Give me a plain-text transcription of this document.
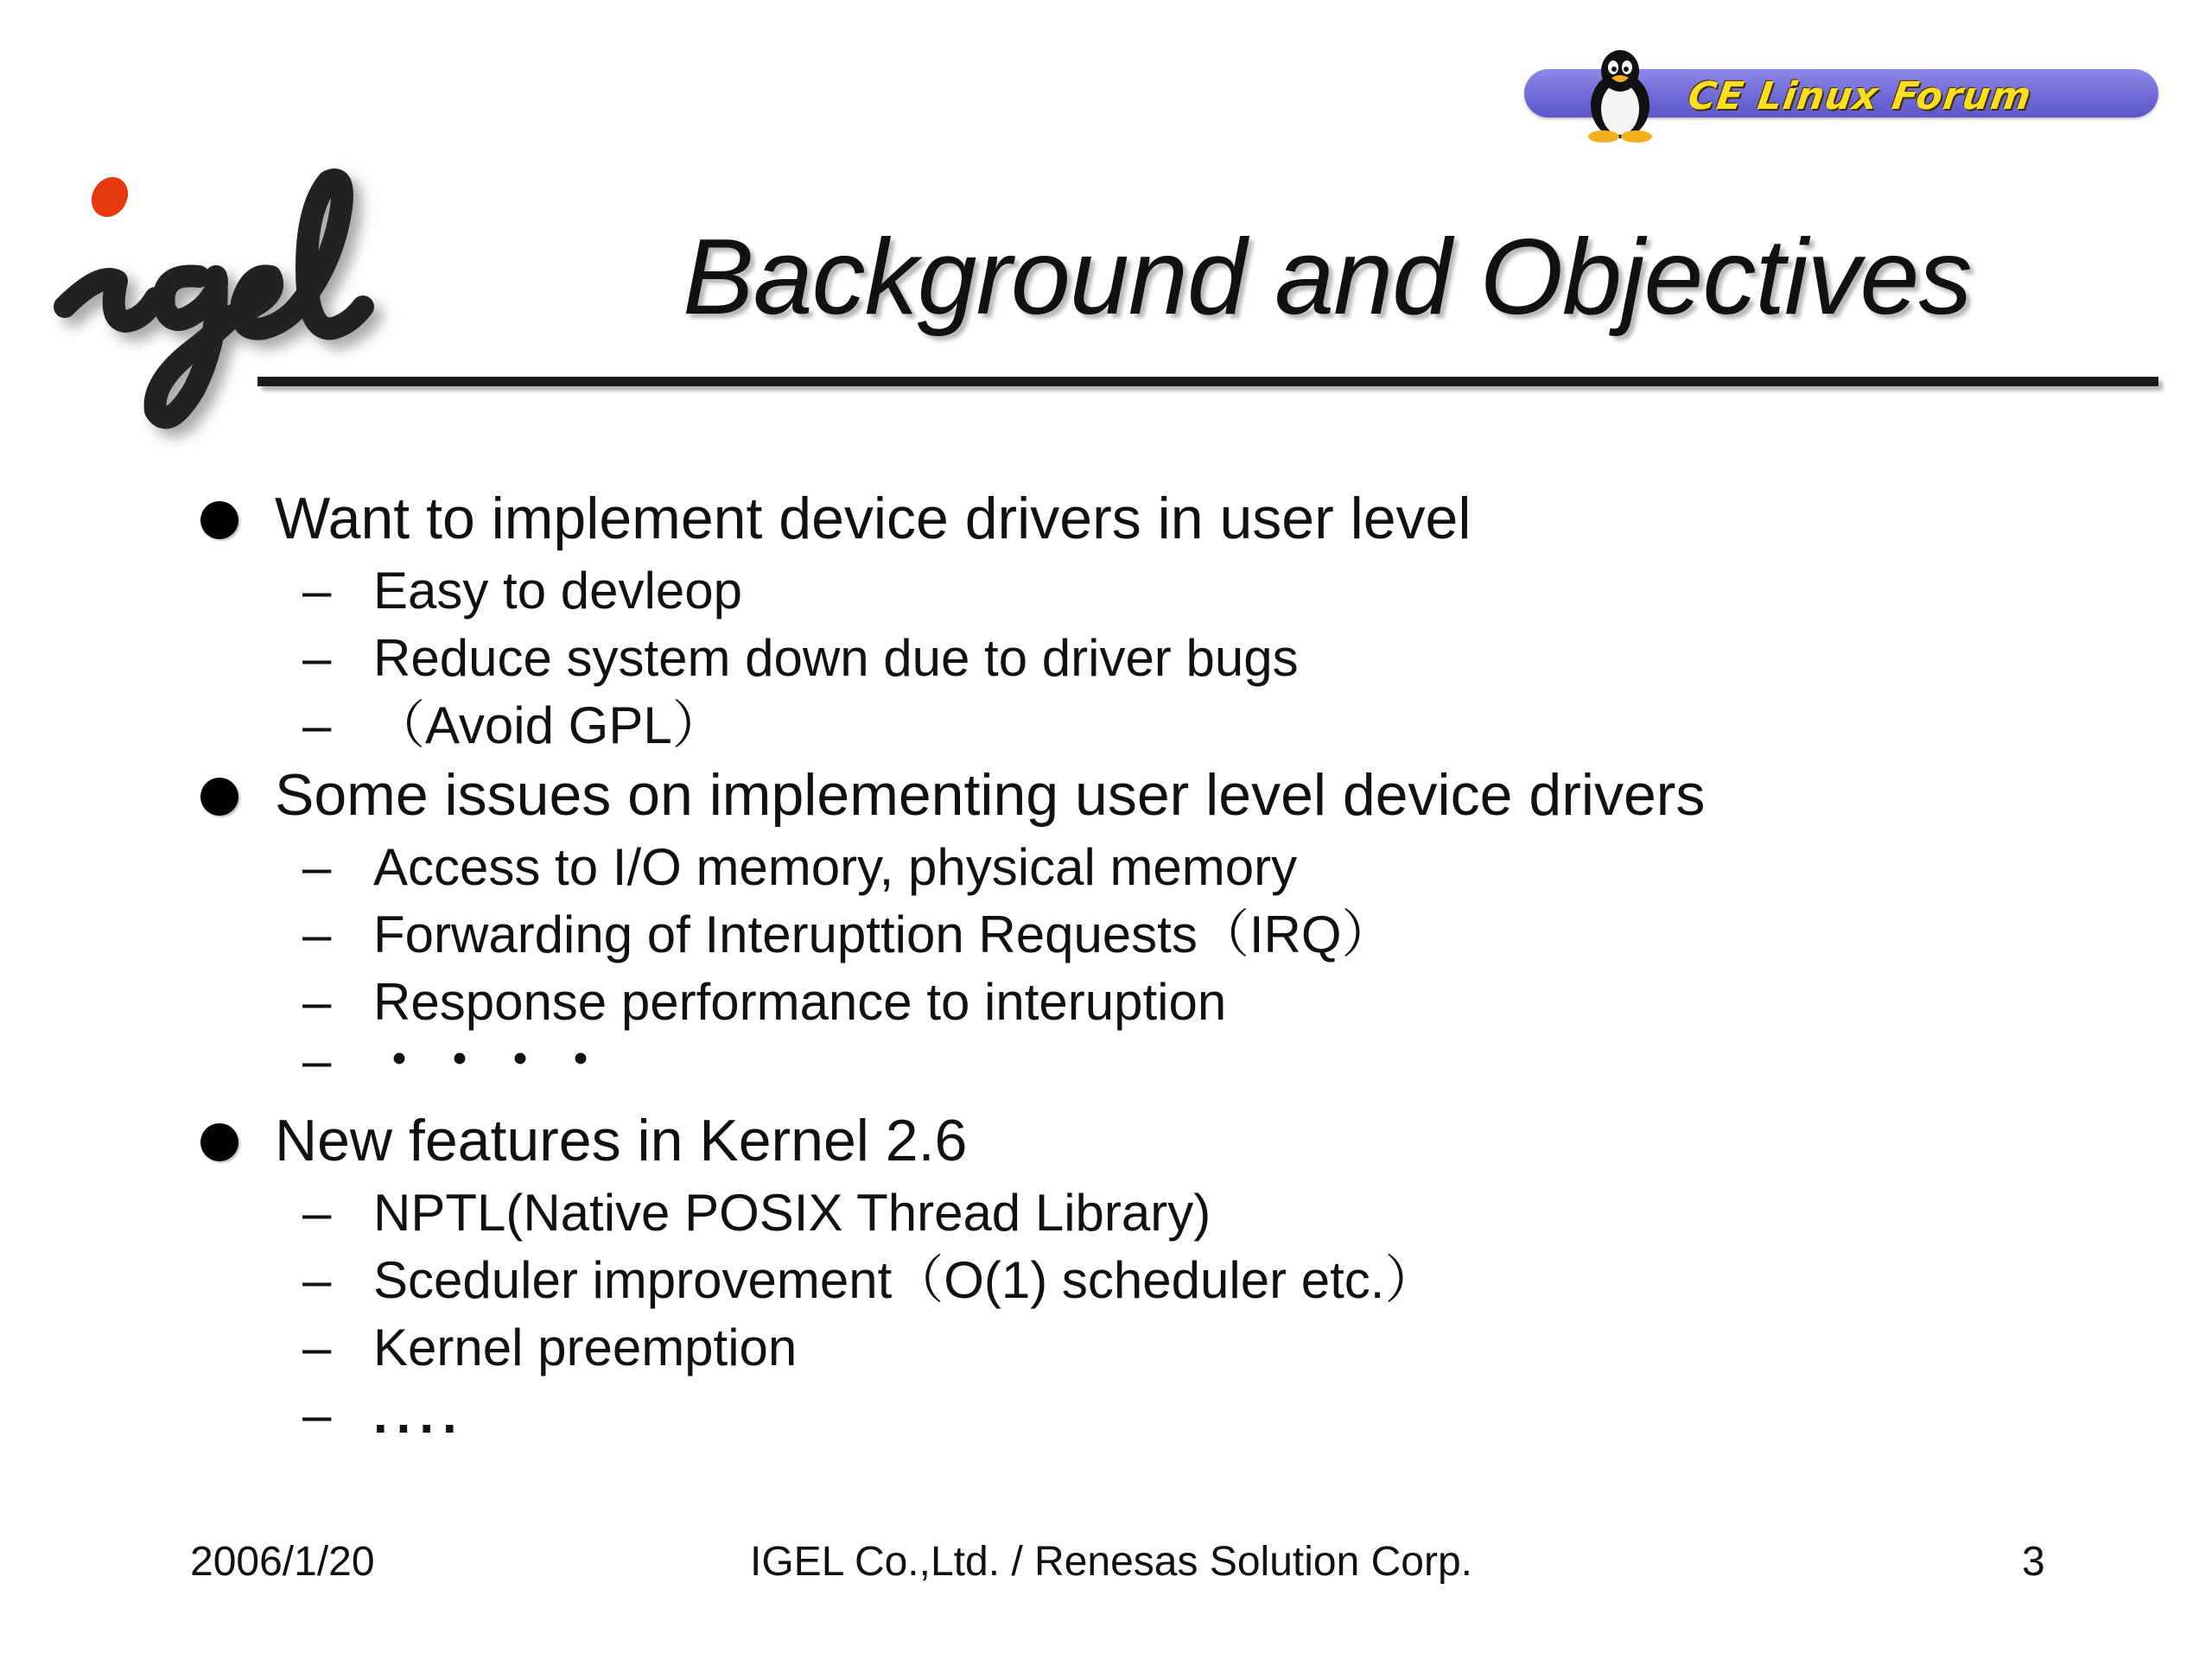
CE Linux Forum
Background and Objectives
Want to implement device drivers in user level
– Easy to devleop
– Reduce system down due to driver bugs
– （Avoid GPL）
Some issues on implementing user level device drivers
– Access to I/O memory, physical memory
– Forwarding of Interupttion Requests（IRQ）
– Response performance to interuption
– ・・・・
New features in Kernel 2.6
– NPTL(Native POSIX Thread Library)
– Sceduler improvement（O(1) scheduler etc.）
– Kernel preemption
– ....
2006/1/20	IGEL Co.,Ltd. / Renesas Solution Corp.	3
